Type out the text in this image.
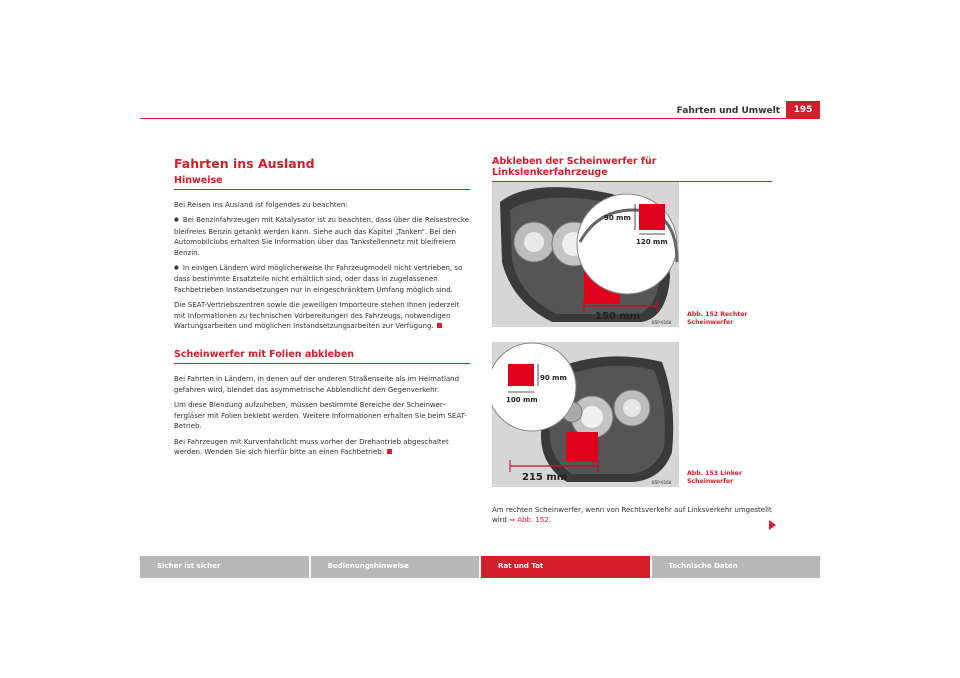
Fahrten und Umwelt	195
Fahrten ins Ausland
Hinweise
Bei Reisen ins Ausland ist folgendes zu beachten:
● Bei Benzinfahrzeugen mit Katalysator ist zu beachten, dass über die Reisestrecke bleifreies Benzin getankt werden kann. Siehe auch das Kapitel „Tanken“. Bei den Automobilclubs erhalten Sie Information über das Tankstellennetz mit bleifreiem Benzin.
● In einigen Ländern wird möglicherweise Ihr Fahrzeugmodell nicht vertrieben, so dass bestimmte Ersatzteile nicht erhältlich sind, oder dass in zugelassenen Fachbetrieben Instandsetzungen nur in eingeschränktem Umfang möglich sind.
Die SEAT-Vertriebszentren sowie die jeweiligen Importeure stehen Ihnen jederzeit mit Informationen zu technischen Vorbereitungen des Fahrzeugs, notwendigen Wartungsarbeiten und möglichen Instandsetzungsarbeiten zur Verfügung.
Scheinwerfer mit Folien abkleben
Bei Fahrten in Ländern, in denen auf der anderen Straßenseite als im Heimatland gefahren wird, blendet das asymmetrische Abblendlicht den Gegenverkehr.
Um diese Blendung aufzuheben, müssen bestimmte Bereiche der Scheinwerfergläser mit Folien beklebt werden. Weitere Informationen erhalten Sie beim SEAT-Betrieb.
Bei Fahrzeugen mit Kurvenfahrlicht muss vorher der Drehantrieb abgeschaltet werden. Wenden Sie sich hierfür bitte an einen Fachbetrieb.
Abkleben der Scheinwerfer für Linkslenkerfahrzeuge
90 mm
120 mm
150 mm
B5P-0168
Abb. 152 Rechter Scheinwerfer
90 mm
100 mm
215 mm	B5P-0168
Abb. 153 Linker Scheinwerfer
Am rechten Scheinwerfer, wenn von Rechtsverkehr auf Linksverkehr umgestellt wird ⇒ Abb. 152.
Sicher ist sicher	Bedienungshinweise	Rat und Tat	Technische Daten
